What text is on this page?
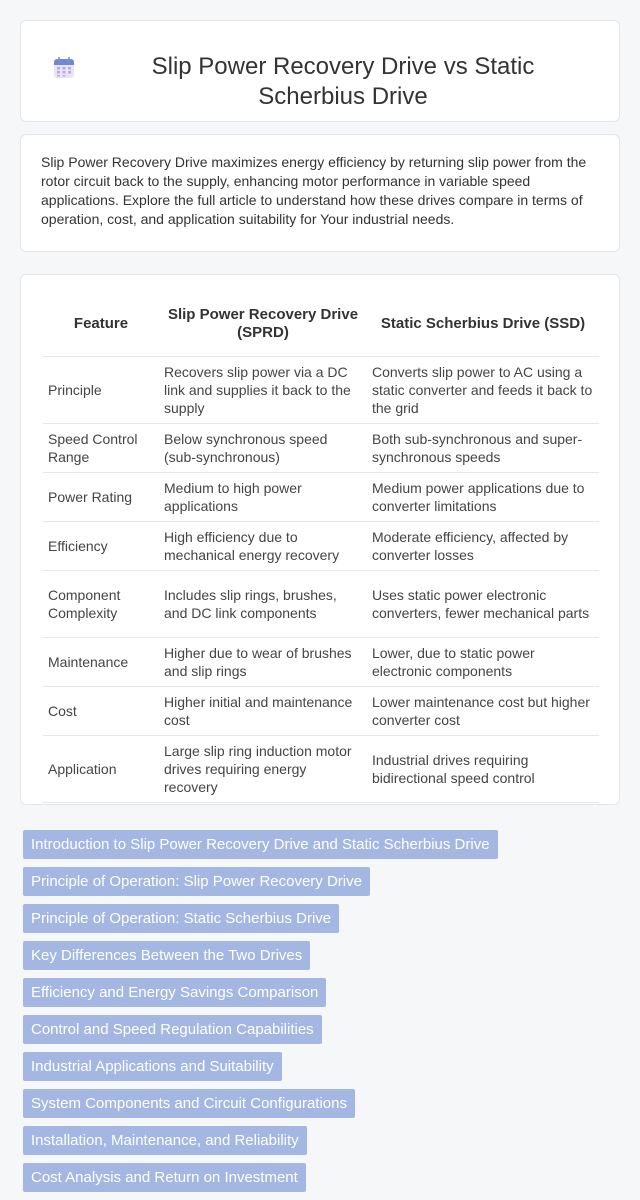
Slip Power Recovery Drive vs Static Scherbius Drive

Slip Power Recovery Drive maximizes energy efficiency by returning slip power from the rotor circuit back to the supply, enhancing motor performance in variable speed applications. Explore the full article to understand how these drives compare in terms of operation, cost, and application suitability for Your industrial needs.

Feature	Slip Power Recovery Drive (SPRD)	Static Scherbius Drive (SSD)
Principle	Recovers slip power via a DC link and supplies it back to the supply	Converts slip power to AC using a static converter and feeds it back to the grid
Speed Control Range	Below synchronous speed (sub-synchronous)	Both sub-synchronous and super-synchronous speeds
Power Rating	Medium to high power applications	Medium power applications due to converter limitations
Efficiency	High efficiency due to mechanical energy recovery	Moderate efficiency, affected by converter losses
Component Complexity	Includes slip rings, brushes, and DC link components	Uses static power electronic converters, fewer mechanical parts
Maintenance	Higher due to wear of brushes and slip rings	Lower, due to static power electronic components
Cost	Higher initial and maintenance cost	Lower maintenance cost but higher converter cost
Application	Large slip ring induction motor drives requiring energy recovery	Industrial drives requiring bidirectional speed control
Introduction to Slip Power Recovery Drive and Static Scherbius Drive
Principle of Operation: Slip Power Recovery Drive
Principle of Operation: Static Scherbius Drive
Key Differences Between the Two Drives
Efficiency and Energy Savings Comparison
Control and Speed Regulation Capabilities
Industrial Applications and Suitability
System Components and Circuit Configurations
Installation, Maintenance, and Reliability
Cost Analysis and Return on Investment
